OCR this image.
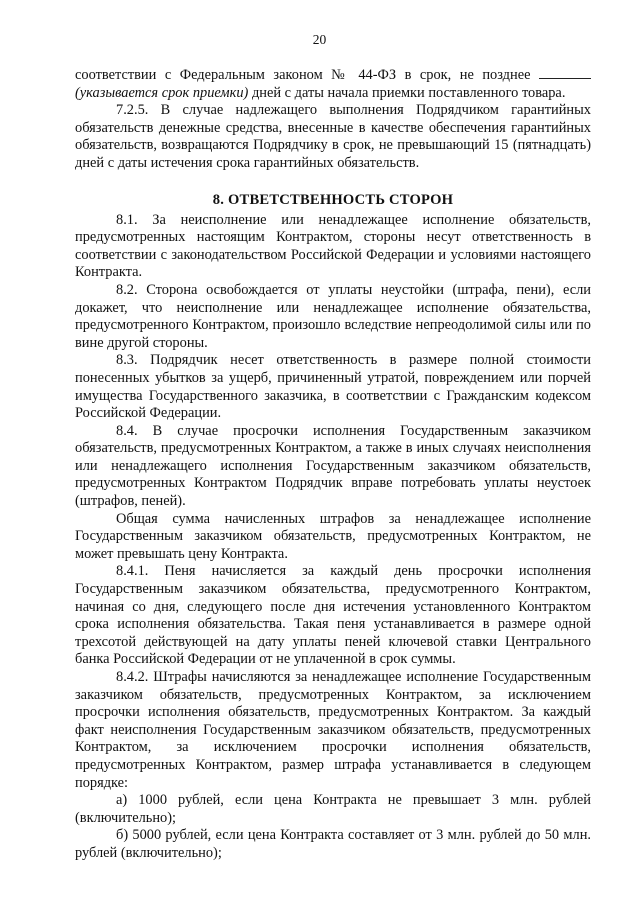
20

соответствии с Федеральным законом № 44-ФЗ в срок, не позднее  (указывается срок приемки) дней с даты начала приемки поставленного товара.

7.2.5. В случае надлежащего выполнения Подрядчиком гарантийных обязательств денежные средства, внесенные в качестве обеспечения гарантийных обязательств, возвращаются Подрядчику в срок, не превышающий 15 (пятнадцать) дней с даты истечения срока гарантийных обязательств.

8. ОТВЕТСТВЕННОСТЬ СТОРОН

8.1. За неисполнение или ненадлежащее исполнение обязательств, предусмотренных настоящим Контрактом, стороны несут ответственность в соответствии с законодательством Российской Федерации и условиями настоящего Контракта.

8.2. Сторона освобождается от уплаты неустойки (штрафа, пени), если докажет, что неисполнение или ненадлежащее исполнение обязательства, предусмотренного Контрактом, произошло вследствие непреодолимой силы или по вине другой стороны.

8.3. Подрядчик несет ответственность в размере полной стоимости понесенных убытков за ущерб, причиненный утратой, повреждением или порчей имущества Государственного заказчика, в соответствии с Гражданским кодексом Российской Федерации.

8.4. В случае просрочки исполнения Государственным заказчиком обязательств, предусмотренных Контрактом, а также в иных случаях неисполнения или ненадлежащего исполнения Государственным заказчиком обязательств, предусмотренных Контрактом Подрядчик вправе потребовать уплаты неустоек (штрафов, пеней).

Общая сумма начисленных штрафов за ненадлежащее исполнение Государственным заказчиком обязательств, предусмотренных Контрактом, не может превышать цену Контракта.

8.4.1. Пеня начисляется за каждый день просрочки исполнения Государственным заказчиком обязательства, предусмотренного Контрактом, начиная со дня, следующего после дня истечения установленного Контрактом срока исполнения обязательства. Такая пеня устанавливается в размере одной трехсотой действующей на дату уплаты пеней ключевой ставки Центрального банка Российской Федерации от не уплаченной в срок суммы.

8.4.2. Штрафы начисляются за ненадлежащее исполнение Государственным заказчиком обязательств, предусмотренных Контрактом, за исключением просрочки исполнения обязательств, предусмотренных Контрактом. За каждый факт неисполнения Государственным заказчиком обязательств, предусмотренных Контрактом, за исключением просрочки исполнения обязательств, предусмотренных Контрактом, размер штрафа устанавливается в следующем порядке:

а) 1000 рублей, если цена Контракта не превышает 3 млн. рублей (включительно);

б) 5000 рублей, если цена Контракта составляет от 3 млн. рублей до 50 млн. рублей (включительно);
